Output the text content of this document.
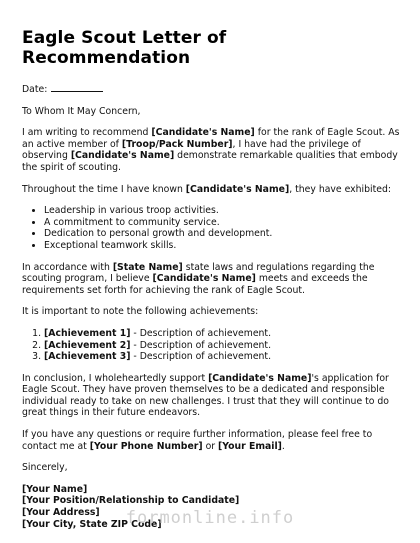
Eagle Scout Letter of Recommendation

Date:

To Whom It May Concern,

I am writing to recommend [Candidate's Name] for the rank of Eagle Scout. As an active member of [Troop/Pack Number], I have had the privilege of observing [Candidate's Name] demonstrate remarkable qualities that embody the spirit of scouting.

Throughout the time I have known [Candidate's Name], they have exhibited:

• Leadership in various troop activities.
• A commitment to community service.
• Dedication to personal growth and development.
• Exceptional teamwork skills.

In accordance with [State Name] state laws and regulations regarding the scouting program, I believe [Candidate's Name] meets and exceeds the requirements set forth for achieving the rank of Eagle Scout.

It is important to note the following achievements:

1. [Achievement 1] - Description of achievement.
2. [Achievement 2] - Description of achievement.
3. [Achievement 3] - Description of achievement.

In conclusion, I wholeheartedly support [Candidate's Name]'s application for Eagle Scout. They have proven themselves to be a dedicated and responsible individual ready to take on new challenges. I trust that they will continue to do great things in their future endeavors.

If you have any questions or require further information, please feel free to contact me at [Your Phone Number] or [Your Email].

Sincerely,

[Your Name]

[Your Position/Relationship to Candidate]

[Your Address]

[Your City, State ZIP Code]

formonline.info
